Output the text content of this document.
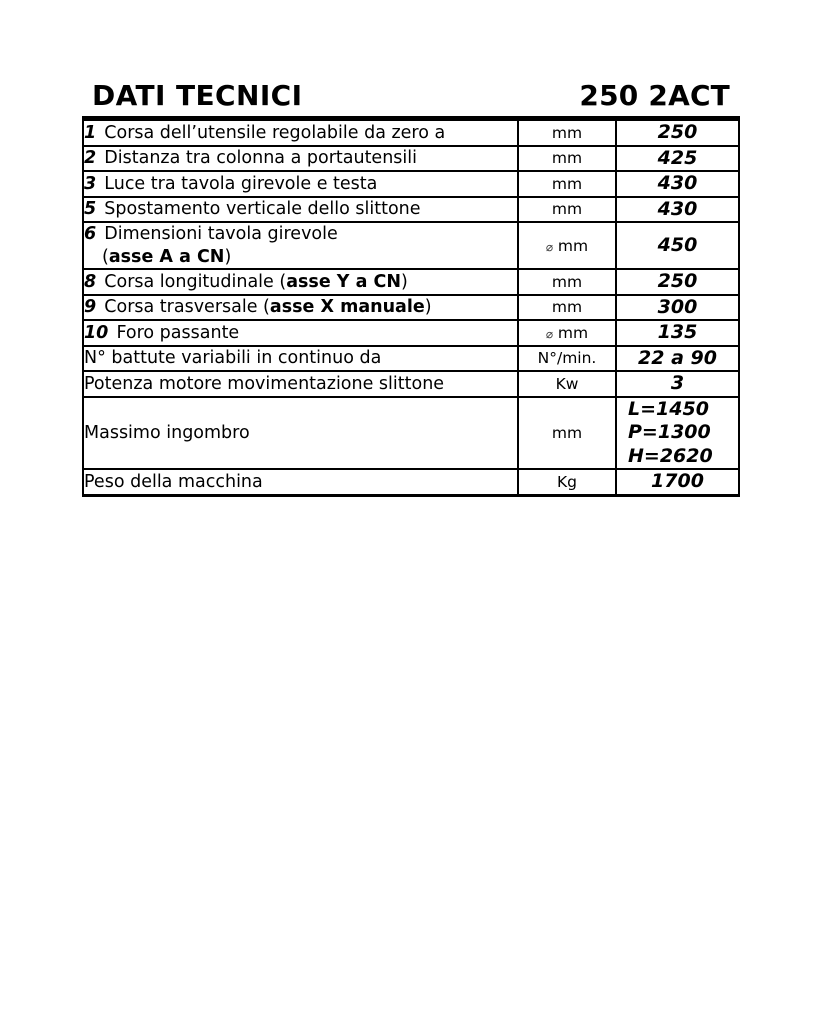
DATI TECNICI	250 2ACT
1 Corsa dell’utensile regolabile da zero a	mm	250
2 Distanza tra colonna a portautensili	mm	425
3 Luce tra tavola girevole e testa	mm	430
5 Spostamento verticale dello slittone	mm	430
6 Dimensioni tavola girevole
(asse A a CN)	⌀ mm	450
8 Corsa longitudinale (asse Y a CN)	mm	250
9 Corsa trasversale (asse X manuale)	mm	300
10 Foro passante	⌀ mm	135
N° battute variabili in continuo da	N°/min.	22 a 90
Potenza motore movimentazione slittone	Kw	3
Massimo ingombro	mm	L=1450
P=1300
H=2620

Peso della macchina	Kg	1700
